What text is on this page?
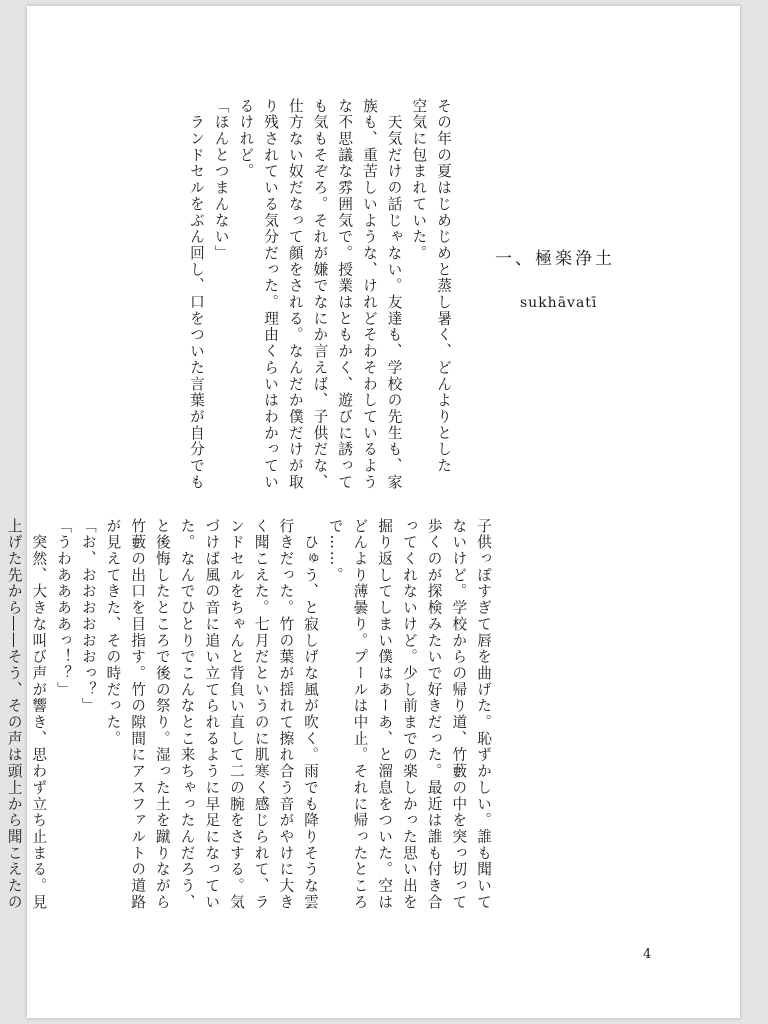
その年の夏はじめじめと蒸し暑く、どんよりとした

空気に包まれていた。

　天気だけの話じゃない。友達も、学校の先生も、家

族も、重苦しいような、けれどそわそわしているよう

な不思議な雰囲気で。授業はともかく、遊びに誘って

も気もそぞろ。それが嫌でなにか言えば、子供だな、

仕方ない奴だなって顔をされる。なんだか僕だけが取

り残されている気分だった。理由くらいはわかってい

るけれど。

「ほんとつまんない」

　ランドセルをぶん回し、口をついた言葉が自分でも	一、極楽浄土
sukhāvatī

子供っぽすぎて唇を曲げた。恥ずかしい。誰も聞いて

ないけど。学校からの帰り道、竹藪の中を突っ切って

歩くのが探検みたいで好きだった。最近は誰も付き合

ってくれないけど。少し前までの楽しかった思い出を

掘り返してしまい僕はあーあ、と溜息をついた。空は

どんより薄曇り。プールは中止。それに帰ったところ

で……。

　ひゅう、と寂しげな風が吹く。雨でも降りそうな雲

行きだった。竹の葉が揺れて擦れ合う音がやけに大き

く聞こえた。七月だというのに肌寒く感じられて、ラ

ンドセルをちゃんと背負い直して二の腕をさする。気

づけば風の音に追い立てられるように早足になってい

た。なんでひとりでこんなとこ来ちゃったんだろう、

と後悔したところで後の祭り。湿った土を蹴りながら

竹藪の出口を目指す。竹の隙間にアスファルトの道路

が見えてきた、その時だった。

「お、おおおおおおっ？」

「うわああああっ！？」

　突然、大きな叫び声が響き、思わず立ち止まる。見

上げた先から――そう、その声は頭上から聞こえたの

4
